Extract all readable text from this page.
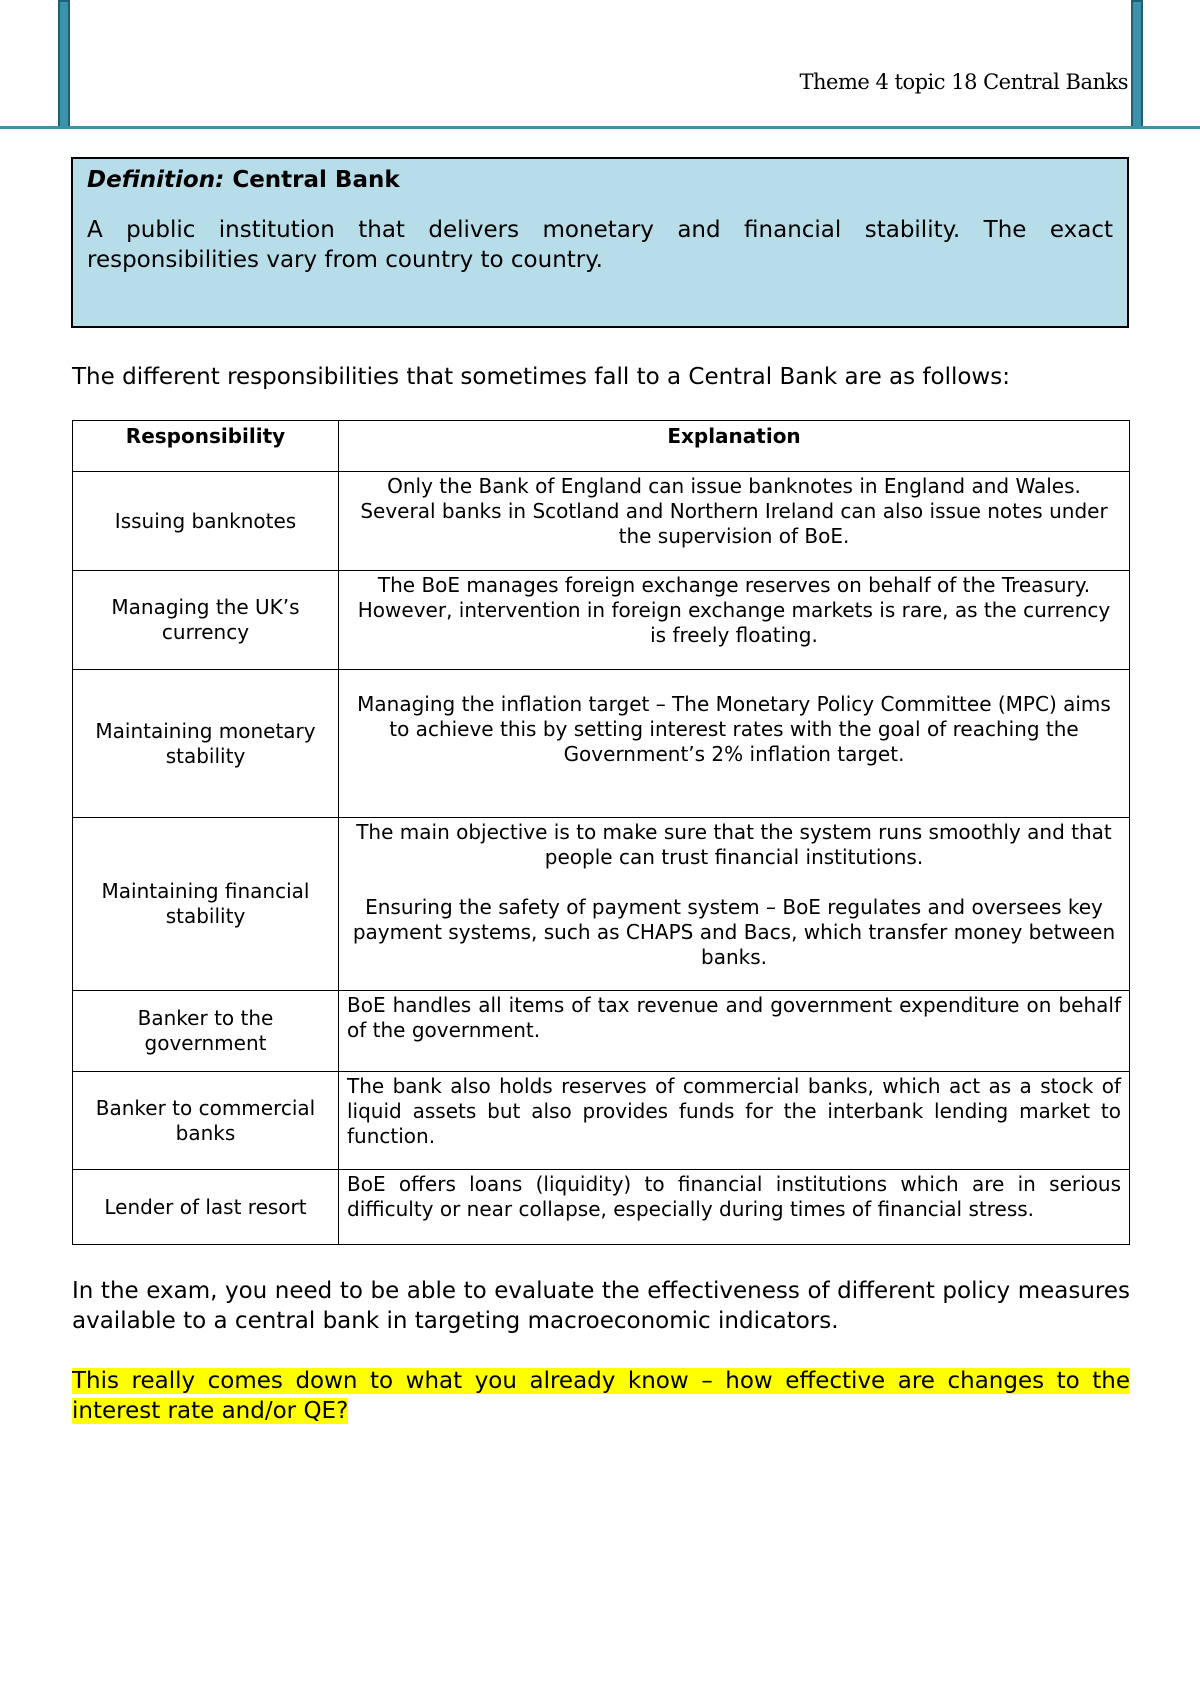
Theme 4 topic 18 Central Banks

Definition: Central Bank

A public institution that delivers monetary and financial stability. The exact responsibilities vary from country to country.

The different responsibilities that sometimes fall to a Central Bank are as follows:

Responsibility	Explanation
Issuing banknotes	Only the Bank of England can issue banknotes in England and Wales. Several banks in Scotland and Northern Ireland can also issue notes under the supervision of BoE.
Managing the UK’s currency	The BoE manages foreign exchange reserves on behalf of the Treasury. However, intervention in foreign exchange markets is rare, as the currency is freely floating.
Maintaining monetary stability	Managing the inflation target – The Monetary Policy Committee (MPC) aims to achieve this by setting interest rates with the goal of reaching the Government’s 2% inflation target.
Maintaining financial stability	The main objective is to make sure that the system runs smoothly and that people can trust financial institutions.

Ensuring the safety of payment system – BoE regulates and oversees key payment systems, such as CHAPS and Bacs, which transfer money between banks.

Banker to the government	BoE handles all items of tax revenue and government expenditure on behalf of the government.
Banker to commercial banks	The bank also holds reserves of commercial banks, which act as a stock of liquid assets but also provides funds for the interbank lending market to function.
Lender of last resort	BoE offers loans (liquidity) to financial institutions which are in serious difficulty or near collapse, especially during times of financial stress.

In the exam, you need to be able to evaluate the effectiveness of different policy measures available to a central bank in targeting macroeconomic indicators.

This really comes down to what you already know – how effective are changes to the interest rate and/or QE?
